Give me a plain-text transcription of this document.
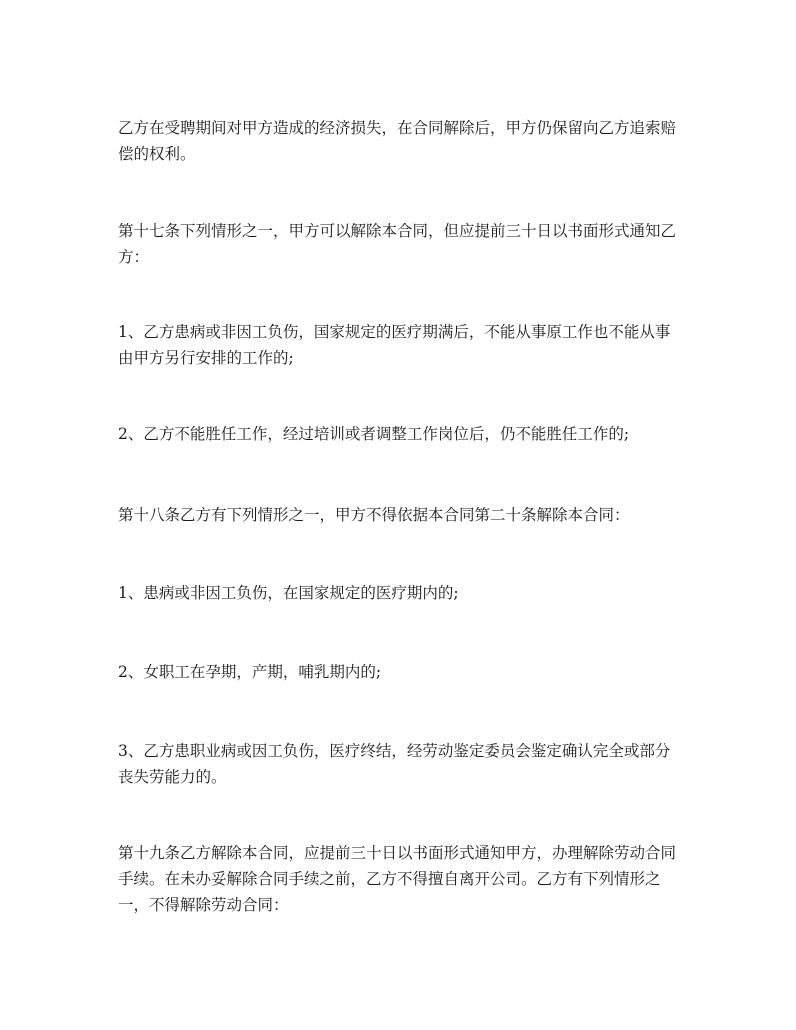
乙方在受聘期间对甲方造成的经济损失，在合同解除后，甲方仍保留向乙方追索赔偿的权利。

第十七条下列情形之一，甲方可以解除本合同，但应提前三十日以书面形式通知乙方：

1、乙方患病或非因工负伤，国家规定的医疗期满后，不能从事原工作也不能从事由甲方另行安排的工作的;

2、乙方不能胜任工作，经过培训或者调整工作岗位后，仍不能胜任工作的;

第十八条乙方有下列情形之一，甲方不得依据本合同第二十条解除本合同：

1、患病或非因工负伤，在国家规定的医疗期内的;

2、女职工在孕期，产期，哺乳期内的;

3、乙方患职业病或因工负伤，医疗终结，经劳动鉴定委员会鉴定确认完全或部分丧失劳能力的。

第十九条乙方解除本合同，应提前三十日以书面形式通知甲方，办理解除劳动合同手续。在未办妥解除合同手续之前，乙方不得擅自离开公司。乙方有下列情形之一，不得解除劳动合同：
